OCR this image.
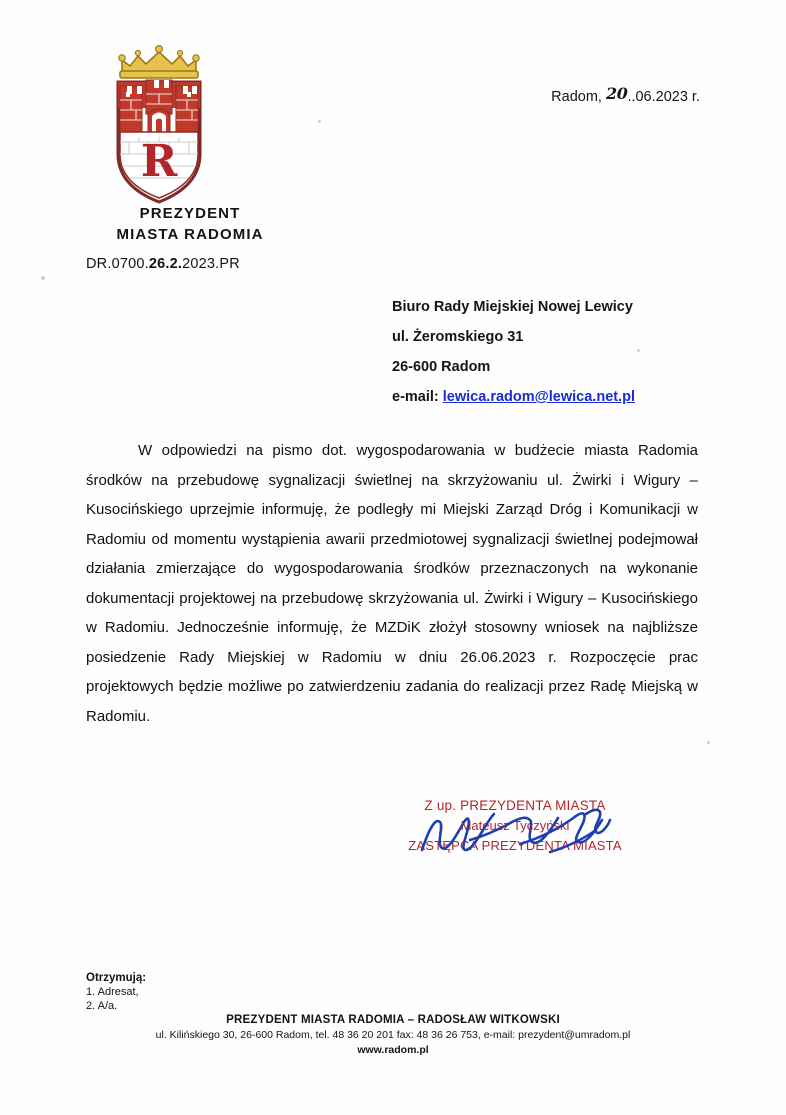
R
PREZYDENT
MIASTA RADOMIA
DR.0700.26.2.2023.PR
Radom, 20..06.2023 r.
Biuro Rady Miejskiej Nowej Lewicy
ul. Żeromskiego 31
26-600 Radom
e-mail: lewica.radom@lewica.net.pl
W odpowiedzi na pismo dot. wygospodarowania w budżecie miasta Radomia środków na przebudowę sygnalizacji świetlnej na skrzyżowaniu ul. Żwirki i Wigury – Kusocińskiego uprzejmie informuję, że podległy mi Miejski Zarząd Dróg i Komunikacji w Radomiu od momentu wystąpienia awarii przedmiotowej sygnalizacji świetlnej podejmował działania zmierzające do wygospodarowania środków przeznaczonych na wykonanie dokumentacji projektowej na przebudowę skrzyżowania ul. Żwirki i Wigury – Kusocińskiego w Radomiu. Jednocześnie informuję, że MZDiK złożył stosowny wniosek na najbliższe posiedzenie Rady Miejskiej w Radomiu w dniu 26.06.2023 r. Rozpoczęcie prac projektowych będzie możliwe po zatwierdzeniu zadania do realizacji przez Radę Miejską w Radomiu.
Z up. PREZYDENTA MIASTA
Mateusz Tyczyński
ZASTĘPCA PREZYDENTA MIASTA
Otrzymują:
1. Adresat,
2. A/a.
PREZYDENT MIASTA RADOMIA – RADOSŁAW WITKOWSKI
ul. Kilińskiego 30, 26-600 Radom, tel. 48 36 20 201 fax: 48 36 26 753, e-mail: prezydent@umradom.pl
www.radom.pl
